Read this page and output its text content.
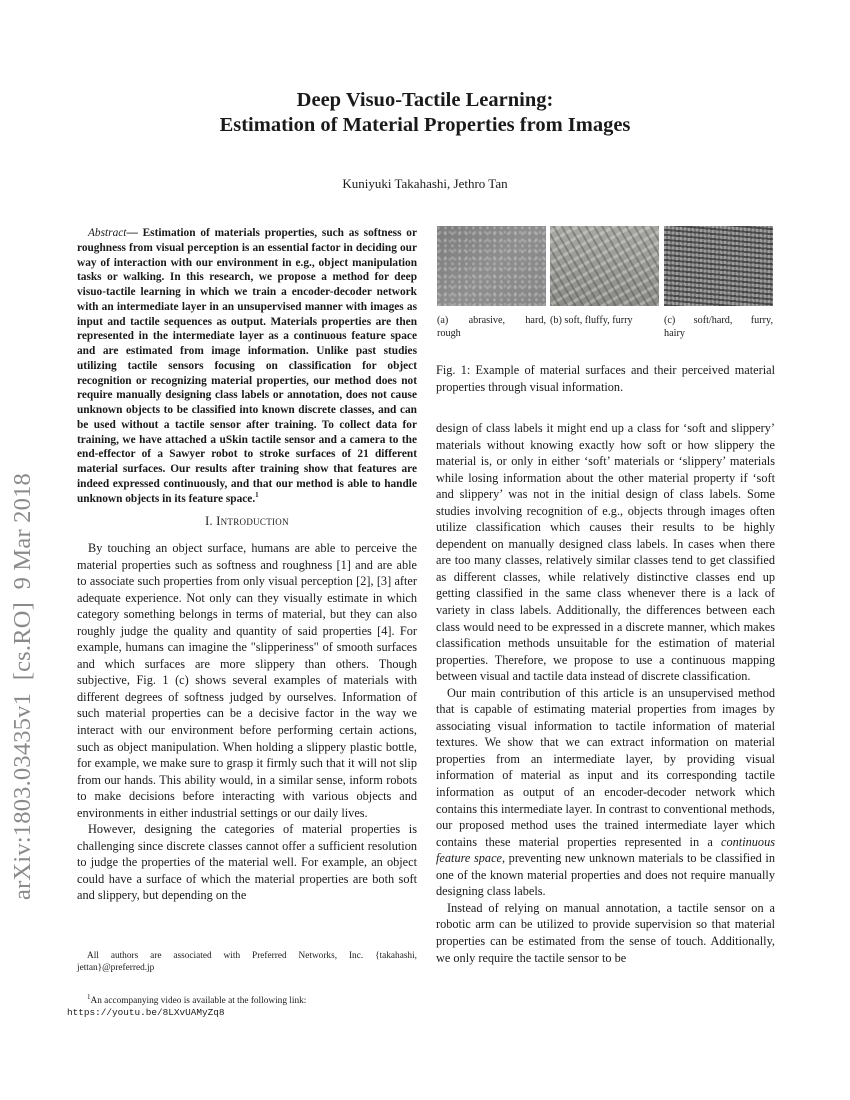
arXiv:1803.03435v1  [cs.RO]  9 Mar 2018
Deep Visuo-Tactile Learning:
Estimation of Material Properties from Images
Kuniyuki Takahashi, Jethro Tan

Abstract— Estimation of materials properties, such as softness or roughness from visual perception is an essential factor in deciding our way of interaction with our environment in e.g., object manipulation tasks or walking. In this research, we propose a method for deep visuo-tactile learning in which we train a encoder-decoder network with an intermediate layer in an unsupervised manner with images as input and tactile sequences as output. Materials properties are then represented in the intermediate layer as a continuous feature space and are estimated from image information. Unlike past studies utilizing tactile sensors focusing on classification for object recognition or recognizing material properties, our method does not require manually designing class labels or annotation, does not cause unknown objects to be classified into known discrete classes, and can be used without a tactile sensor after training. To collect data for training, we have attached a uSkin tactile sensor and a camera to the end-effector of a Sawyer robot to stroke surfaces of 21 different material surfaces. Our results after training show that features are indeed expressed continuously, and that our method is able to handle unknown objects in its feature space.$^1$

I. Introduction

By touching an object surface, humans are able to perceive the material properties such as softness and roughness [1] and are able to associate such properties from only visual perception [2], [3] after adequate experience. Not only can they visually estimate in which category something belongs in terms of material, but they can also roughly judge the quality and quantity of said properties [4]. For example, humans can imagine the "slipperiness" of smooth surfaces and which surfaces are more slippery than others. Though subjective, Fig. 1 (c) shows several examples of materials with different degrees of softness judged by ourselves. Information of such material properties can be a decisive factor in the way we interact with our environment before performing certain actions, such as object manipulation. When holding a slippery plastic bottle, for example, we make sure to grasp it firmly such that it will not slip from our hands. This ability would, in a similar sense, inform robots to make decisions before interacting with various objects and environments in either industrial settings or our daily lives.

However, designing the categories of material properties is challenging since discrete classes cannot offer a sufficient resolution to judge the properties of the material well. For example, an object could have a surface of which the material properties are both soft and slippery, but depending on the

(a) abrasive, hard,
rough
(b) soft, fluffy, furry	(c) soft/hard, furry,
hairy
Fig. 1: Example of material surfaces and their perceived material properties through visual information.

design of class labels it might end up a class for ‘soft and slippery’ materials without knowing exactly how soft or how slippery the material is, or only in either ‘soft’ materials or ‘slippery’ materials while losing information about the other material property if ‘soft and slippery’ was not in the initial design of class labels. Some studies involving recognition of e.g., objects through images often utilize classification which causes their results to be highly dependent on manually designed class labels. In cases when there are too many classes, relatively similar classes tend to get classified as different classes, while relatively distinctive classes end up getting classified in the same class whenever there is a lack of variety in class labels. Additionally, the differences between each class would need to be expressed in a discrete manner, which makes classification methods unsuitable for the estimation of material properties. Therefore, we propose to use a continuous mapping between visual and tactile data instead of discrete classification.

Our main contribution of this article is an unsupervised method that is capable of estimating material properties from images by associating visual information to tactile information of material textures. We show that we can extract information on material properties from an intermediate layer, by providing visual information of material as input and its corresponding tactile information as output of an encoder-decoder network which contains this intermediate layer. In contrast to conventional methods, our proposed method uses the trained intermediate layer which contains these material properties represented in a continuous feature space, preventing new unknown materials to be classified in one of the known material properties and does not require manually designing class labels.

Instead of relying on manual annotation, a tactile sensor on a robotic arm can be utilized to provide supervision so that material properties can be estimated from the sense of touch. Additionally, we only require the tactile sensor to be

All authors are associated with Preferred Networks, Inc. {takahashi, jettan}@preferred.jp

$^1$An accompanying video is available at the following link:
https://youtu.be/8LXvUAMyZq8
